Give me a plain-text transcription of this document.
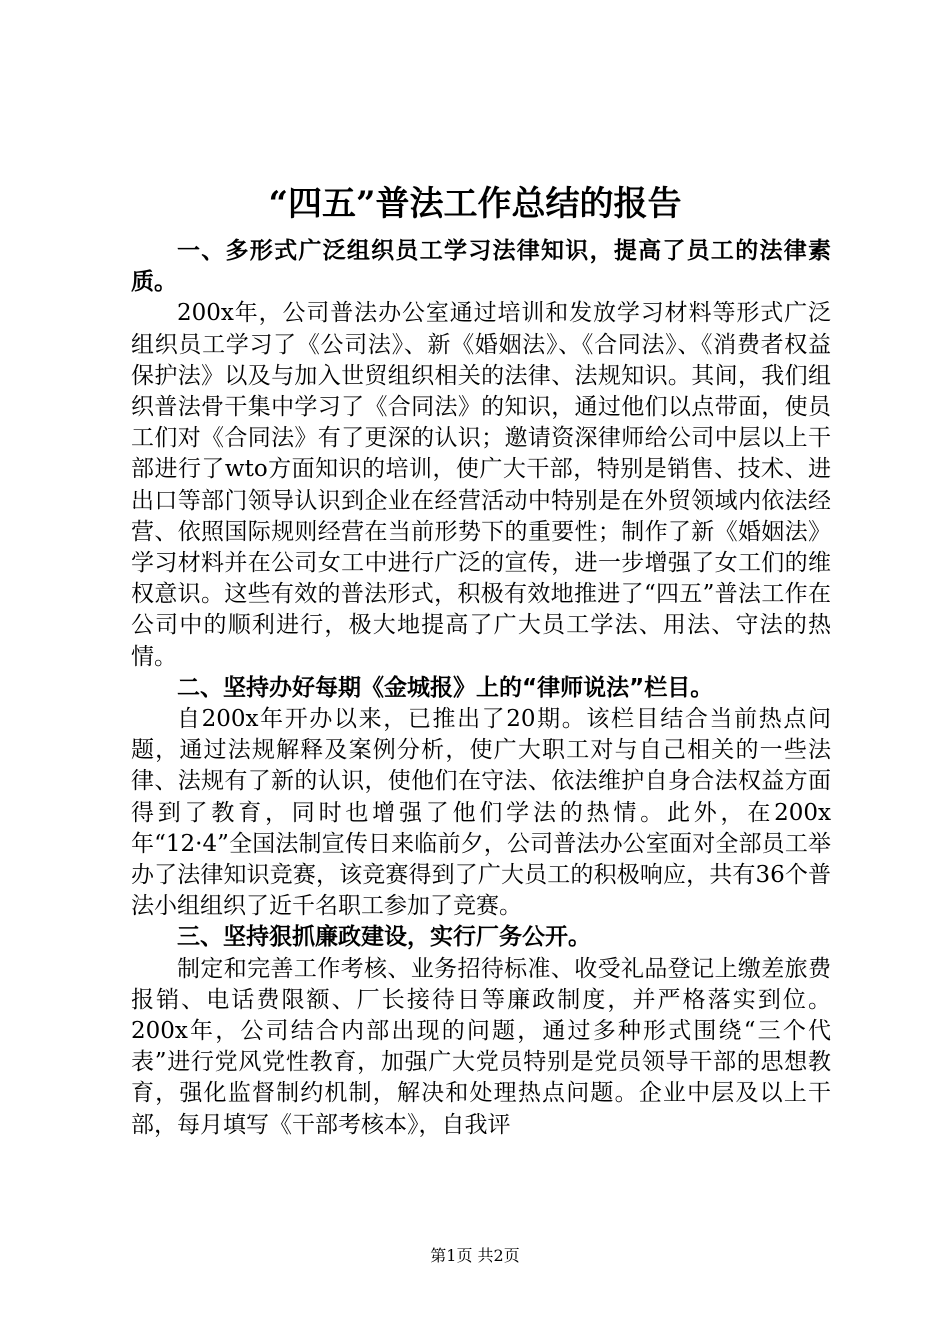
“四五”普法工作总结的报告

一、多形式广泛组织员工学习法律知识，提高了员工的法律素质。

200x年，公司普法办公室通过培训和发放学习材料等形式广泛组织员工学习了《公司法》、新《婚姻法》、《合同法》、《消费者权益保护法》以及与加入世贸组织相关的法律、法规知识。其间，我们组织普法骨干集中学习了《合同法》的知识，通过他们以点带面，使员工们对《合同法》有了更深的认识；邀请资深律师给公司中层以上干部进行了wto方面知识的培训，使广大干部，特别是销售、技术、进出口等部门领导认识到企业在经营活动中特别是在外贸领域内依法经营、依照国际规则经营在当前形势下的重要性；制作了新《婚姻法》学习材料并在公司女工中进行广泛的宣传，进一步增强了女工们的维权意识。这些有效的普法形式，积极有效地推进了“四五”普法工作在公司中的顺利进行，极大地提高了广大员工学法、用法、守法的热情。

二、坚持办好每期《金城报》上的“律师说法”栏目。

自200x年开办以来，已推出了20期。该栏目结合当前热点问题，通过法规解释及案例分析，使广大职工对与自己相关的一些法律、法规有了新的认识，使他们在守法、依法维护自身合法权益方面得到了教育，同时也增强了他们学法的热情。此外，在200x年“12·4”全国法制宣传日来临前夕，公司普法办公室面对全部员工举办了法律知识竞赛，该竞赛得到了广大员工的积极响应，共有36个普法小组组织了近千名职工参加了竞赛。

三、坚持狠抓廉政建设，实行厂务公开。

制定和完善工作考核、业务招待标准、收受礼品登记上缴差旅费报销、电话费限额、厂长接待日等廉政制度，并严格落实到位。200x年，公司结合内部出现的问题，通过多种形式围绕“三个代表”进行党风党性教育，加强广大党员特别是党员领导干部的思想教育，强化监督制约机制，解决和处理热点问题。企业中层及以上干部，每月填写《干部考核本》，自我评

第1页 共2页
